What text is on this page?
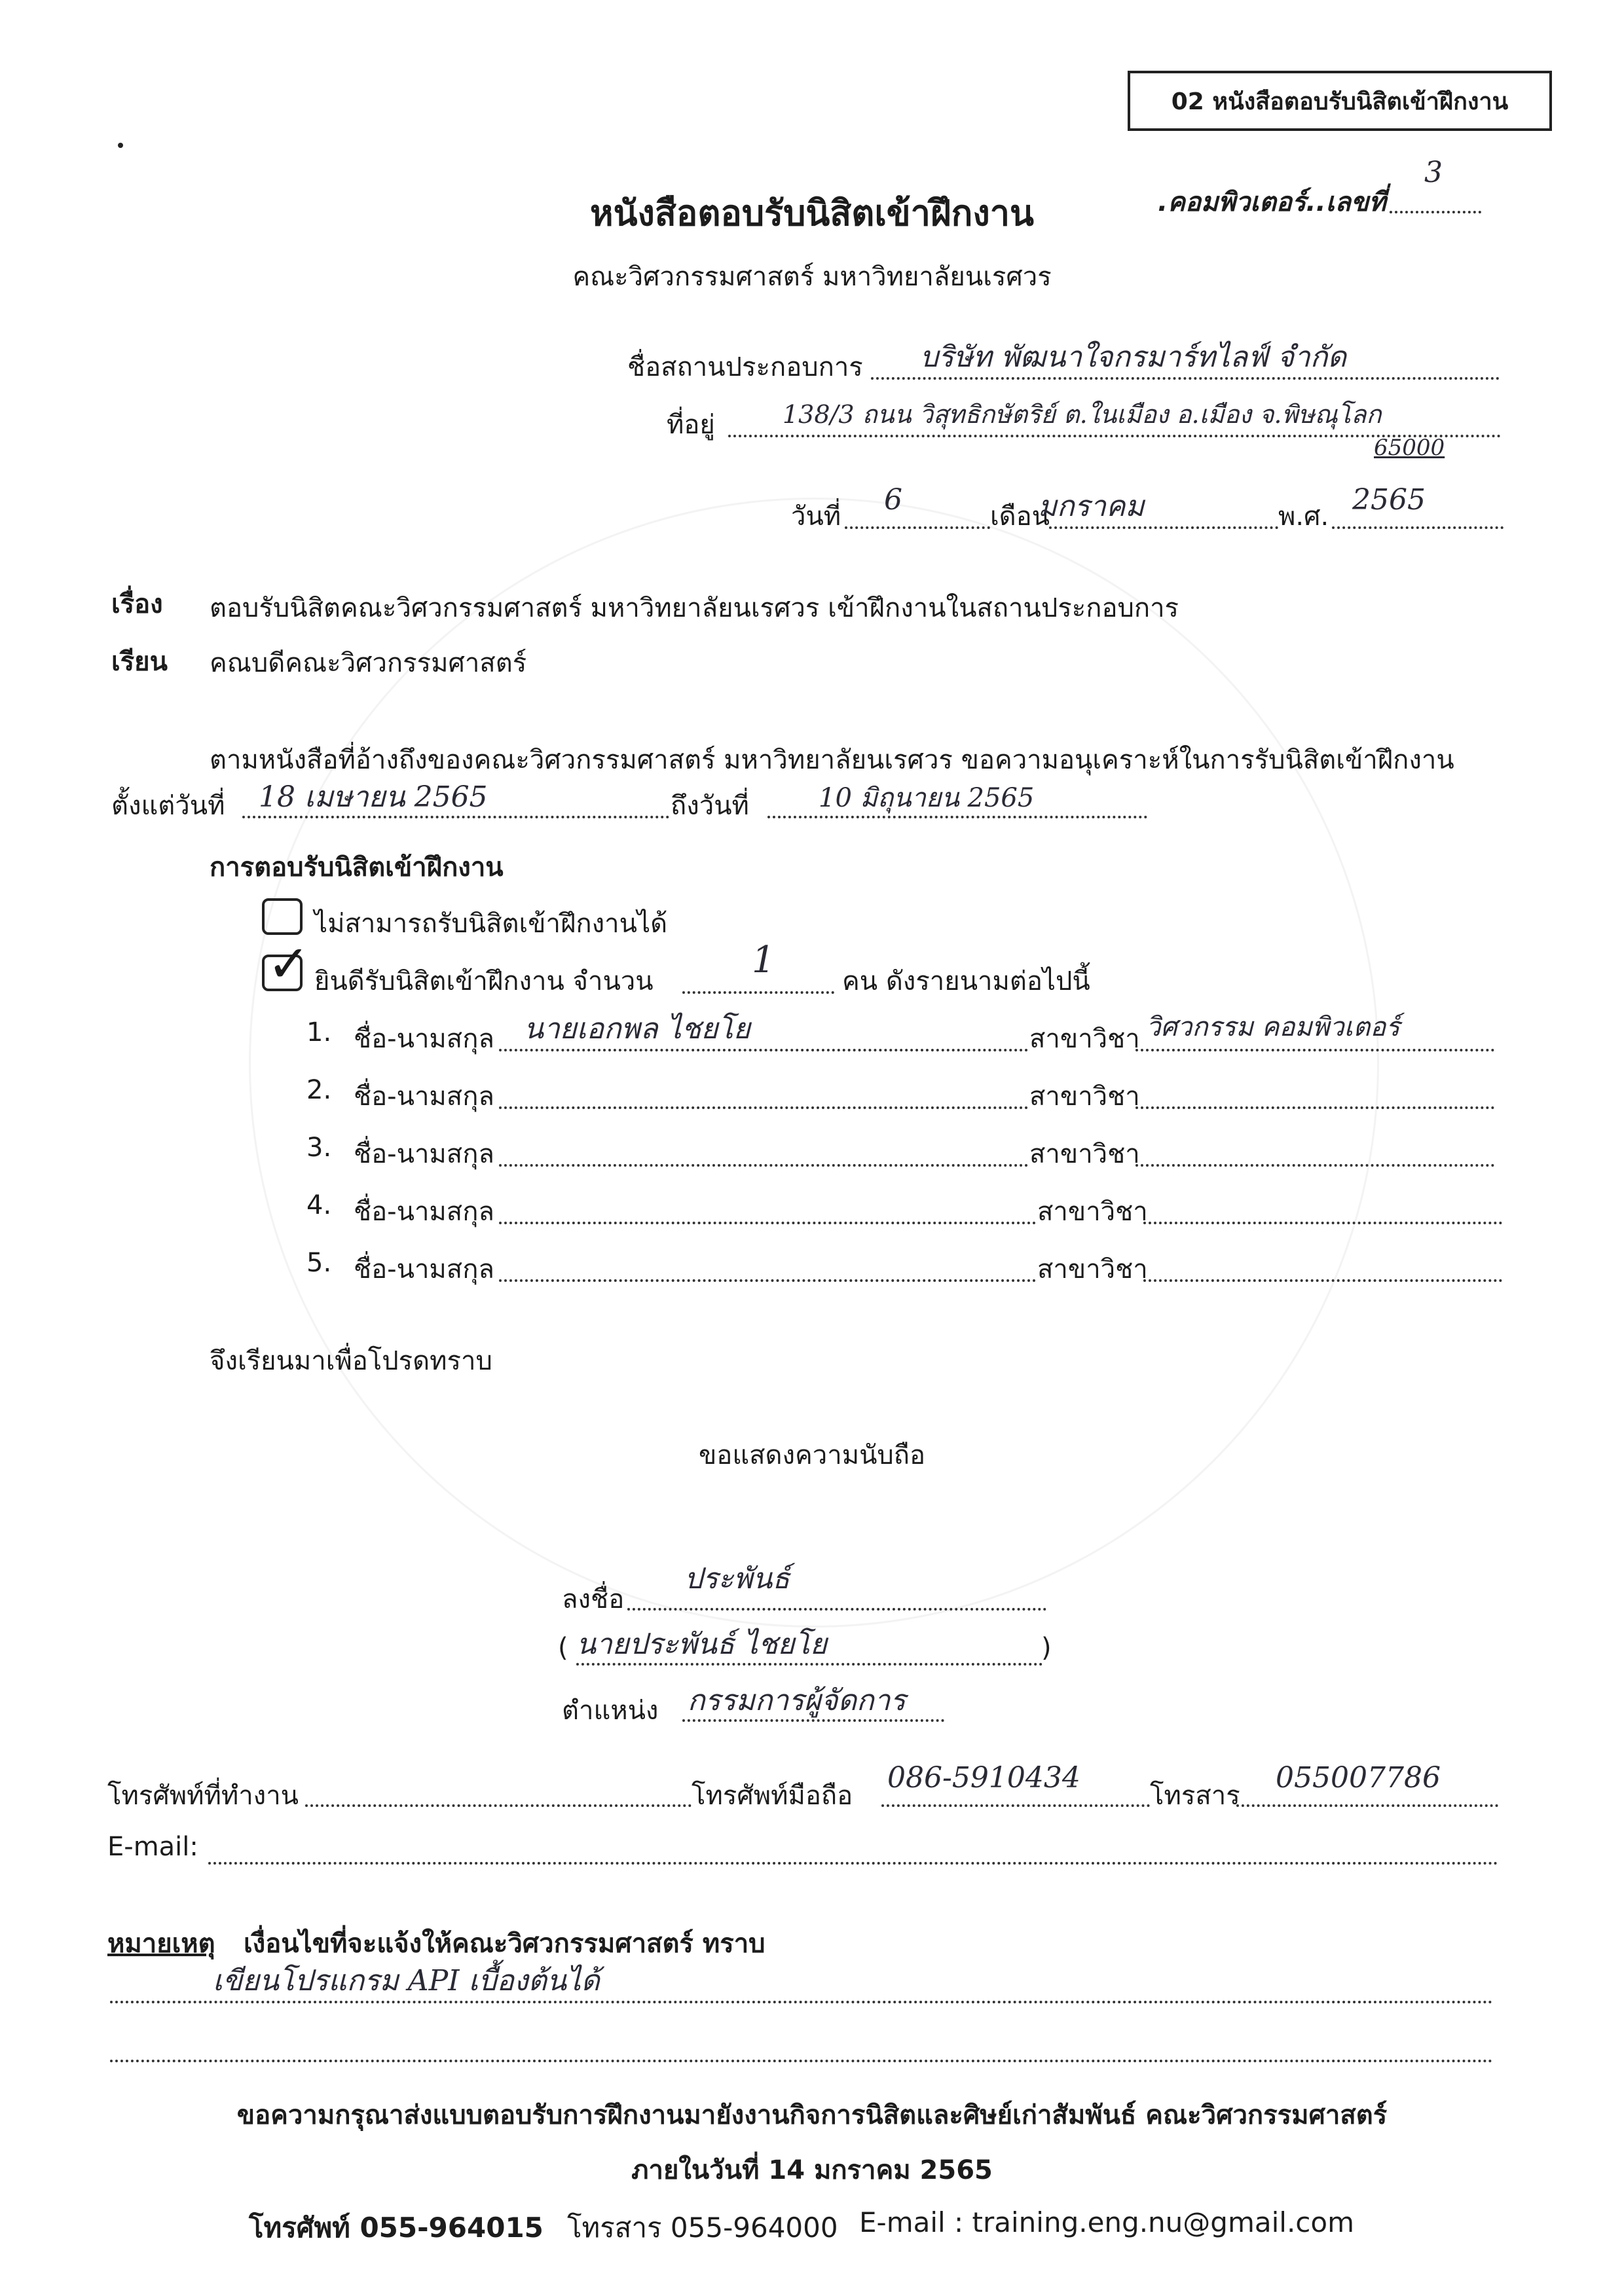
02 หนังสือตอบรับนิสิตเข้าฝึกงาน
หนังสือตอบรับนิสิตเข้าฝึกงาน	.คอมพิวเตอร์..เลขที่
3
คณะวิศวกรรมศาสตร์ มหาวิทยาลัยนเรศวร
ชื่อสถานประกอบการ บริษัท พัฒนาใจกรมาร์ทไลฟ์ จำกัด
ที่อยู่	138/3 ถนน วิสุทธิกษัตริย์ ต.ในเมือง อ.เมือง จ.พิษณุโลก
65000
วันที่ 6	เดือน
มกราคม	พ.ศ. 2565
เรื่อง ตอบรับนิสิตคณะวิศวกรรมศาสตร์ มหาวิทยาลัยนเรศวร เข้าฝึกงานในสถานประกอบการ
เรียน คณบดีคณะวิศวกรรมศาสตร์
ตามหนังสือที่อ้างถึงของคณะวิศวกรรมศาสตร์ มหาวิทยาลัยนเรศวร ขอความอนุเคราะห์ในการรับนิสิตเข้าฝึกงาน
ตั้งแต่วันที่ 18 เมษายน 2565	ถึงวันที่	10 มิถุนายน 2565
การตอบรับนิสิตเข้าฝึกงาน
ไม่สามารถรับนิสิตเข้าฝึกงานได้
✓ ยินดีรับนิสิตเข้าฝึกงาน จำนวน	1	คน ดังรายนามต่อไปนี้
1. ชื่อ-นามสกุล นายเอกพล ไชยโย	สาขาวิชา วิศวกรรม คอมพิวเตอร์
2. ชื่อ-นามสกุล	สาขาวิชา
3. ชื่อ-นามสกุล	สาขาวิชา
4. ชื่อ-นามสกุล	สาขาวิชา
5. ชื่อ-นามสกุล	สาขาวิชา
จึงเรียนมาเพื่อโปรดทราบ
ขอแสดงความนับถือ
ลงชื่อ
ประพันธ์
( นายประพันธ์ ไชยโย	)
ตำแหน่ง กรรมการผู้จัดการ
โทรศัพท์ที่ทำงาน	โทรศัพท์มือถือ
086-5910434
โทรสาร
055007786
E-mail:
หมายเหตุ เงื่อนไขที่จะแจ้งให้คณะวิศวกรรมศาสตร์ ทราบ
เขียนโปรแกรม API เบื้องต้นได้
ขอความกรุณาส่งแบบตอบรับการฝึกงานมายังงานกิจการนิสิตและศิษย์เก่าสัมพันธ์ คณะวิศวกรรมศาสตร์
ภายในวันที่ 14 มกราคม 2565
โทรศัพท์ 055-964015 โทรสาร 055-964000 E-mail : training.eng.nu@gmail.com
